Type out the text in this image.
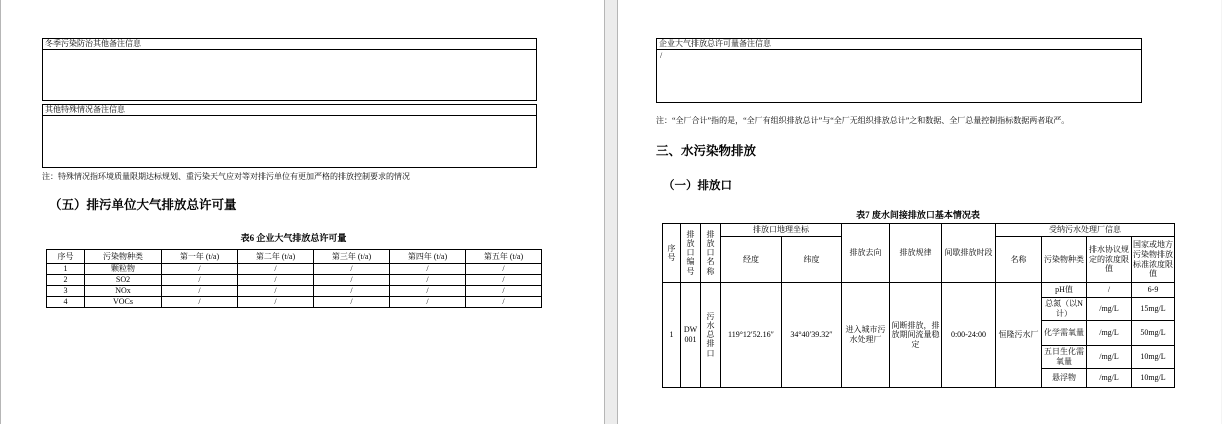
冬季污染防治其他备注信息
其他特殊情况备注信息
注：特殊情况指环境质量限期达标规划、重污染天气应对等对排污单位有更加严格的排放控制要求的情况
（五）排污单位大气排放总许可量
表6 企业大气排放总许可量
序号	污染物种类	第一年 (t/a)	第二年 (t/a)	第三年 (t/a)	第四年 (t/a)	第五年 (t/a)
1	颗粒物	/	/	/	/	/
2	SO2	/	/	/	/	/
3	NOx	/	/	/	/	/
4	VOCs	/	/	/	/	/
企业大气排放总许可量备注信息
/
注：“全厂合计”指的是，“全厂有组织排放总计”与“全厂无组织排放总计”之和数据、全厂总量控制指标数据两者取严。
三、水污染物排放
（一）排放口
表7 废水间接排放口基本情况表
序号	排放口编号	排放口名称	排放口地理坐标		排放去向	排放规律	间歇排放时段	受纳污水处理厂信息			
			经度	纬度				名称	污染物种类	排水协议规定的浓度限值	国家或地方污染物排放标准浓度限值
1	DW001	污水总排口	119°12′52.16″	34°40′39.32″	进入城市污水处理厂	间断排放，排放期间流量稳定	0:00-24:00	恒隆污水厂	pH值	/	6-9
									总氮（以N计）	/mg/L	15mg/L
									化学需氧量	/mg/L	50mg/L
									五日生化需氧量	/mg/L	10mg/L
									悬浮物	/mg/L	10mg/L
